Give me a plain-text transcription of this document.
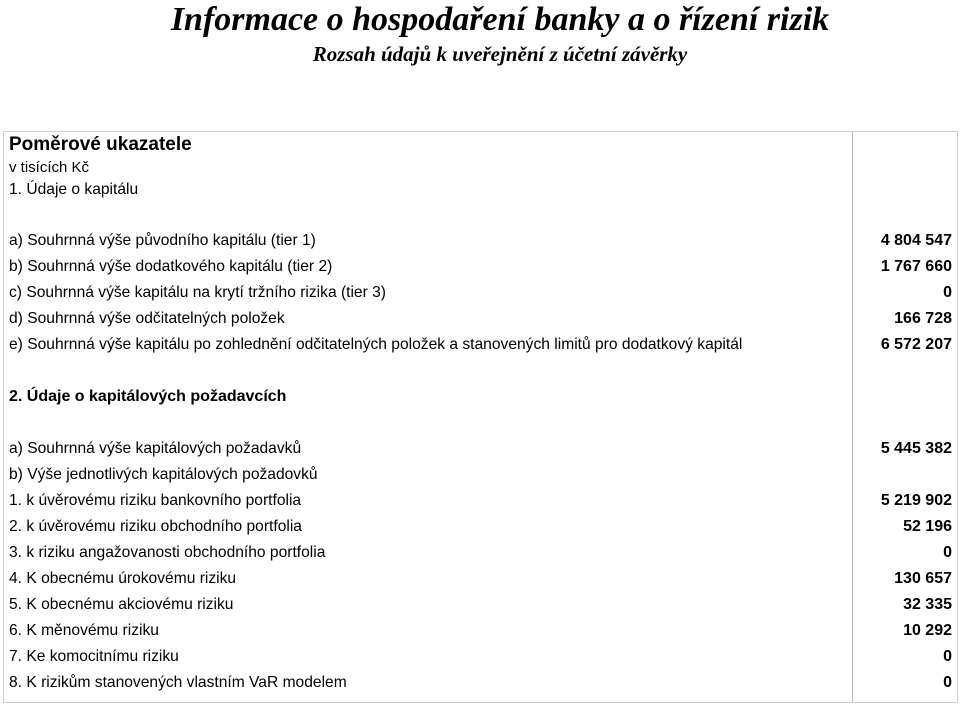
Informace o hospodaření banky a o řízení rizik
Rozsah údajů k uveřejnění z účetní závěrky
Poměrové ukazatele
v tisících Kč
1. Údaje o kapitálu
a) Souhrnná výše původního kapitálu (tier 1)	4 804 547
b) Souhrnná výše dodatkového kapitálu (tier 2)	1 767 660
c) Souhrnná výše kapitálu na krytí tržního rizika (tier 3)	0
d) Souhrnná výše odčitatelných položek	166 728
e) Souhrnná výše kapitálu po zohlednění odčitatelných položek a stanovených limitů pro dodatkový kapitál	6 572 207
2. Údaje o kapitálových požadavcích
a) Souhrnná výše kapitálových požadavků	5 445 382
b) Výše jednotlivých kapitálových požadovků
1. k úvěrovému riziku bankovního portfolia	5 219 902
2. k úvěrovému riziku obchodního portfolia	52 196
3. k riziku angažovanosti obchodního portfolia	0
4. K obecnému úrokovému riziku	130 657
5. K obecnému akciovému riziku	32 335
6. K měnovému riziku	10 292
7. Ke komocitnímu riziku	0
8. K rizikům stanovených vlastním VaR modelem	0
